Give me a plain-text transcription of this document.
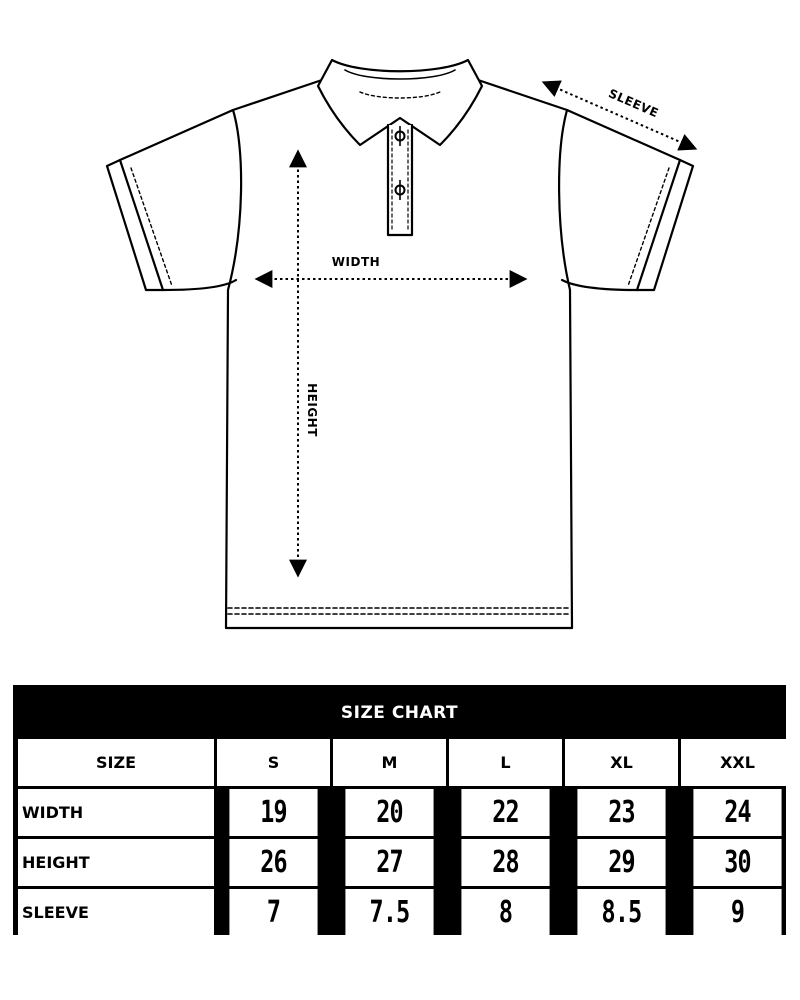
WIDTH
HEIGHT
SLEEVE
SIZE CHART
SIZE	S	M	L	XL	XXL
WIDTH	19	20	22	23	24
HEIGHT	26	27	28	29	30
SLEEVE	7	7.5	8	8.5	9
